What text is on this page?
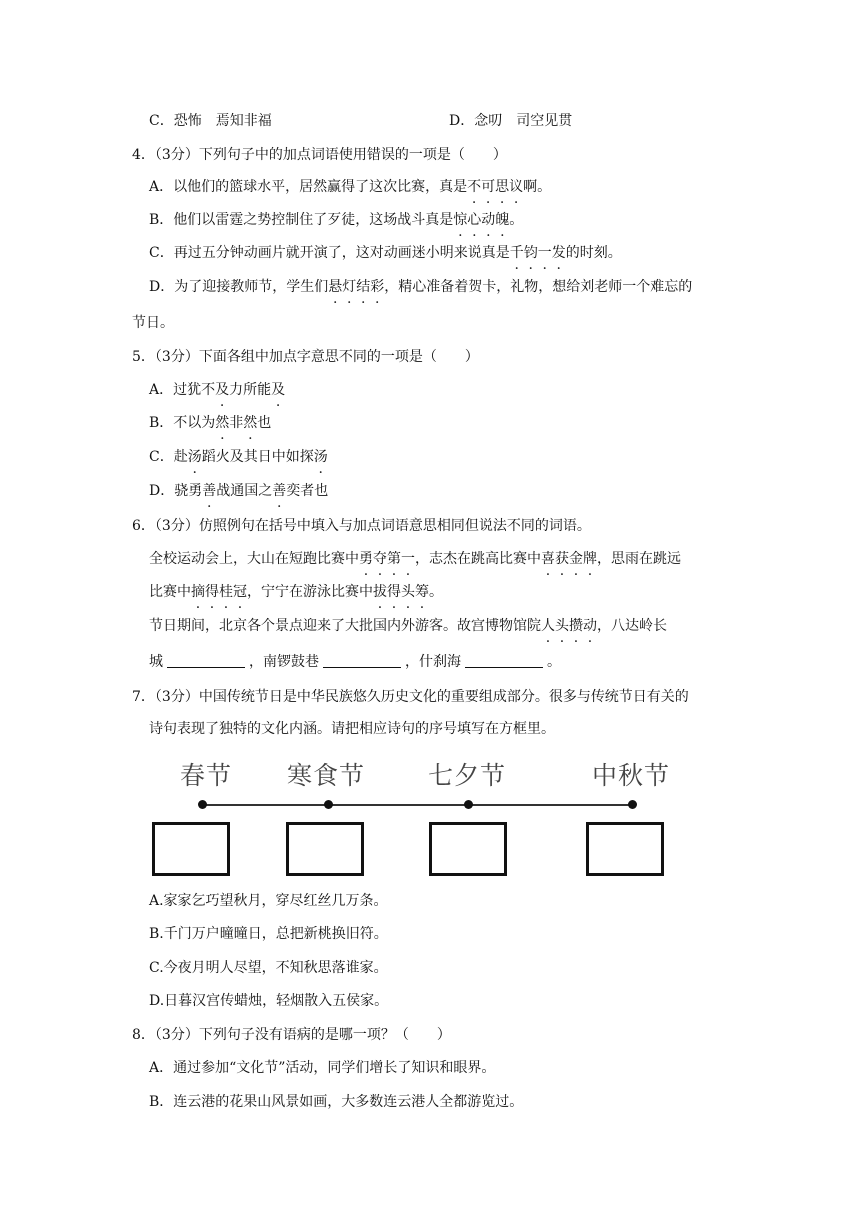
C．恐怖　焉知非福	D．念叨　司空见贯
4．（3分）下列句子中的加点词语使用错误的一项是（　　）
A．以他们的篮球水平，居然赢得了这次比赛，真是不可思议啊。
B．他们以雷霆之势控制住了歹徒，这场战斗真是惊心动魄。
C．再过五分钟动画片就开演了，这对动画迷小明来说真是千钧一发的时刻。
D．为了迎接教师节，学生们悬灯结彩，精心准备着贺卡，礼物，想给刘老师一个难忘的
节日。
5．（3分）下面各组中加点字意思不同的一项是（　　）
A．过犹不及力所能及
B．不以为然非然也
C．赴汤蹈火及其日中如探汤
D．骁勇善战通国之善奕者也
6．（3分）仿照例句在括号中填入与加点词语意思相同但说法不同的词语。
全校运动会上，大山在短跑比赛中勇夺第一，志杰在跳高比赛中喜获金牌，思雨在跳远
比赛中摘得桂冠，宁宁在游泳比赛中拔得头筹。
节日期间，北京各个景点迎来了大批国内外游客。故宫博物馆院人头攒动，八达岭长
城	，南锣鼓巷	，什刹海	。
7．（3分）中国传统节日是中华民族悠久历史文化的重要组成部分。很多与传统节日有关的
诗句表现了独特的文化内涵。请把相应诗句的序号填写在方框里。
春节 寒食节	七夕节	中秋节
A.家家乞巧望秋月，穿尽红丝几万条。
B.千门万户曈曈日，总把新桃换旧符。
C.今夜月明人尽望，不知秋思落谁家。
D.日暮汉宫传蜡烛，轻烟散入五侯家。
8．（3分）下列句子没有语病的是哪一项？（　　）
A．通过参加“文化节”活动，同学们增长了知识和眼界。
B．连云港的花果山风景如画，大多数连云港人全都游览过。
